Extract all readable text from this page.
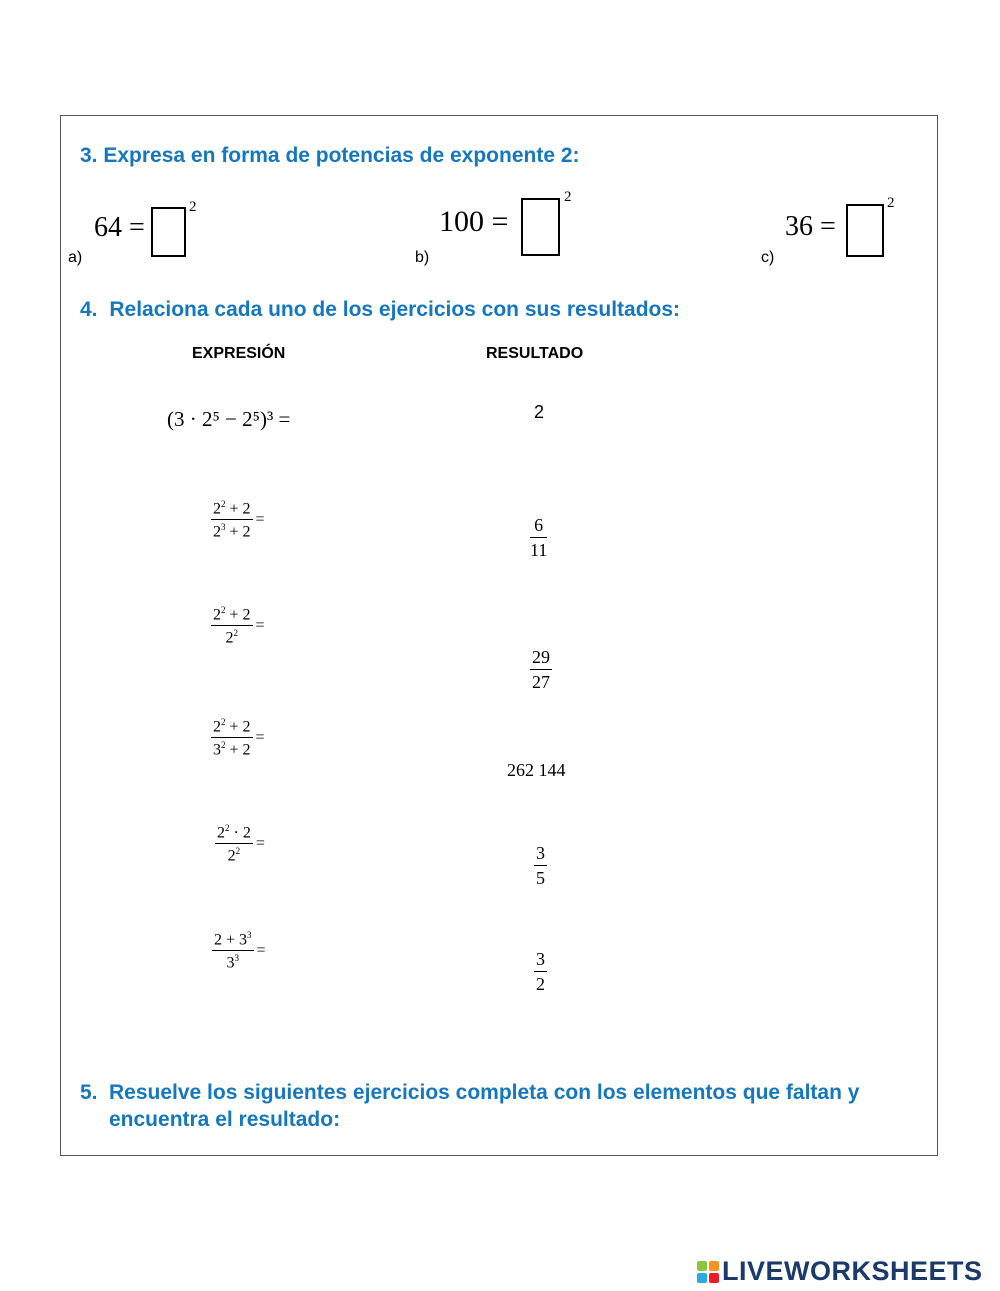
3. Expresa en forma de potencias de exponente 2:
a)
64 =
2
b)
100 =
2
c)
36 =
2
4. Relaciona cada uno de los ejercicios con sus resultados:
EXPRESIÓN	RESULTADO
(3 · 2⁵ − 2⁵)³ =
$\frac{2^2 + 2}{2^3 + 2}$ =
$\frac{2^2 + 2}{2^2}$ =
$\frac{2^2 + 2}{3^2 + 2}$ =
$\frac{2^2 \cdot 2}{2^2}$ =
$\frac{2 + 3^3}{3^3}$ =
2
$\frac{6}{11}$
$\frac{29}{27}$
262 144
$\frac{3}{5}$
$\frac{3}{2}$
5. Resuelve los siguientes ejercicios completa con los elementos que faltan y
encuentra el resultado:
LIVEWORKSHEETS
